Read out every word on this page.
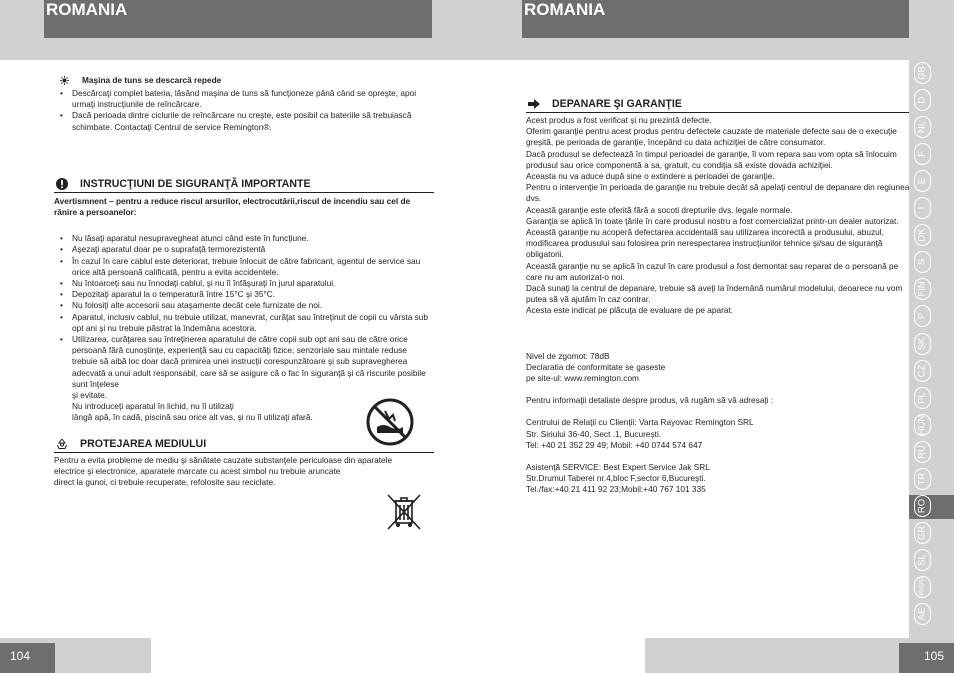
ROMANIA	ROMANIA
Maşina de tuns se descarcă repede
• Descărcaţi complet bateria, lăsând maşina de tuns să funcţioneze până când se opreşte, apoi urmaţi instrucţiunile de reîncărcare.
• Dacă perioada dintre ciclurile de reîncărcare nu creşte, este posibil ca bateriile să trebuiască schimbate. Contactaţi Centrul de service Remington®.
INSTRUCŢIUNI DE SIGURANŢĂ IMPORTANTE

Avertismnent – pentru a reduce riscul arsurilor, electrocutării,riscul de incendiu sau cel de rănire a persoanelor:

• Nu lăsaţi aparatul nesupravegheat atunci când este în funcţiune.
• Aşezaţi aparatul doar pe o suprafaţă termorezistentă
• În cazul în care cablul este deteriorat, trebuie înlocuit de către fabricant, agentul de service sau orice altă persoană calificată, pentru a evita accidentele.
• Nu întoarceţi sau nu înnodaţi cablul, şi nu îl înfăşuraţi în jurul aparatului.
• Depozitaţi aparatul la o temperatură între 15°C şi 35°C.
• Nu folosiţi alte accesorii sau ataşamente decât cele furnizate de noi.
• Aparatul, inclusiv cablul, nu trebuie utilizat, manevrat, curăţat sau întreţinut de copii cu vârsta sub opt ani şi nu trebuie păstrat la îndemâna acestora.
• Utilizarea, curăţarea sau întreţinerea aparatului de către copii sub opt ani sau de către orice persoană fără cunoştinţe, experienţă sau cu capacităţi fizice, senzoriale sau mintale reduse trebuie să aibă loc doar dacă primirea unei instrucţii corespunzătoare şi sub supravegherea adecvată a unui adult responsabil, care să se asigure că o fac în siguranţă şi că riscurile posibile sunt înţelese

şi evitate.

Nu introduceţi aparatul în lichid, nu îl utilizaţi

lângă apă, în cadă, piscină sau orice alt vas, şi nu îl utilizaţi afară.

PROTEJAREA MEDIULUI

Pentru a evita probleme de mediu şi sănătate cauzate substanţele periculoase din aparatele

electrice şi electronice, aparatele marcate cu acest simbol nu trebuie aruncate

direct la gunoi, ci trebuie recuperate, refolosite sau reciclate.

DEPANARE ŞI GARANŢIE

Acest produs a fost verificat şi nu prezintă defecte.

Oferim garanţie pentru acest produs pentru defectele cauzate de materiale defecte sau de o execuţie greşită, pe perioada de garanţie, începând cu data achiziţiei de către consumator.

Dacă produsul se defectează în timpul perioadei de garanţie, îl vom repara sau vom opta să înlocuim produsul sau orice componentă a sa, gratuit, cu condiţia să existe dovada achiziţiei.

Aceasta nu va aduce după sine o extindere a perioadei de garanţie.

Pentru o intervenţie în perioada de garanţie nu trebuie decât să apelaţi centrul de depanare din regiunea dvs.

Această garanţie este oferită fără a socoti drepturile dvs. legale normale.

Garanţia se aplică în toate ţările în care produsul nostru a fost comercializat printr-un dealer autorizat.

Această garanţie nu acoperă defectarea accidentală sau utilizarea incorectă a produsului, abuzul, modificarea produsului sau folosirea prin nerespectarea instrucţiunilor tehnice şi/sau de siguranţă obligatorii.

Această garanţie nu se aplică în cazul în care produsul a fost demontat sau reparat de o persoană pe care nu am autorizat-o noi.

Dacă sunaţi la centrul de depanare, trebuie să aveţi la îndemână numărul modelului, deoarece nu vom putea să vă ajutăm în caz contrar.

Acesta este indicat pe plăcuţa de evaluare de pe aparat.

Nivel de zgomot: 78dB

Declaratia de conformitate se gaseste

pe site-ul: www.remington.com

Pentru informaţii detaliate despre produs, vă rugăm să vă adresaţi :

Centrului de Relaţii cu Clienţii: Varta Rayovac Remington SRL

Str. Siriului 36-40, Sect .1, Bucureşti.

Tel: +40 21 352 29 49; Mobil: +40 0744 574 647

Asistenţă SERVICE: Best Expert Service Jak SRL

Str.Drumul Taberei nr.4,bloc F,sector 6,Bucureşti.

Tel./fax:+40 21 411 92 23;Mobil:+40 767 101 335

GB
D
NL
F
E
I
DK
S
FIN
P
SK
CZ
PL
HUN
RU
TR
RO
GR
SL
HR/SRB
AE
104	105
